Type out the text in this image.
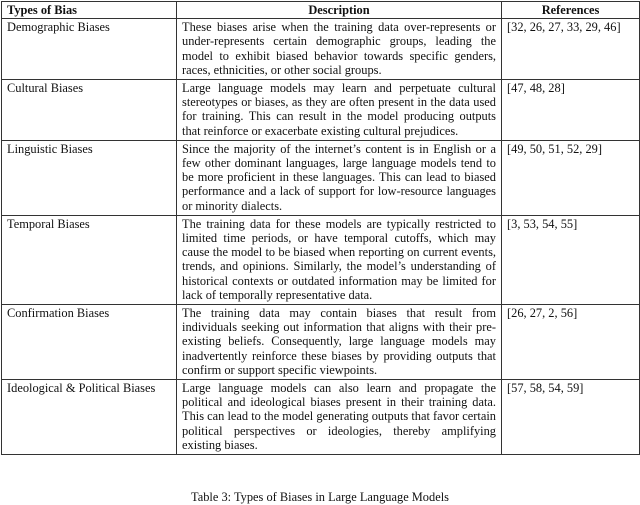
Types of Bias	Description	References
Demographic Biases	These biases arise when the training data over-represents or under-represents certain demographic groups, leading the model to exhibit biased behavior towards specific genders, races, ethnicities, or other social groups.	[32, 26, 27, 33, 29, 46]
Cultural Biases	Large language models may learn and perpetuate cultural stereotypes or biases, as they are often present in the data used for training. This can result in the model producing outputs that reinforce or exacerbate existing cultural prejudices.	[47, 48, 28]
Linguistic Biases	Since the majority of the internet’s content is in English or a few other dominant languages, large language models tend to be more proficient in these languages. This can lead to biased performance and a lack of support for low-resource languages or minority dialects.	[49, 50, 51, 52, 29]
Temporal Biases	The training data for these models are typically restricted to limited time periods, or have temporal cutoffs, which may cause the model to be biased when reporting on current events, trends, and opinions. Similarly, the model’s understanding of historical contexts or outdated information may be limited for lack of temporally representative data.	[3, 53, 54, 55]
Confirmation Biases	The training data may contain biases that result from individuals seeking out information that aligns with their pre-existing beliefs. Consequently, large language models may inadvertently reinforce these biases by providing outputs that confirm or support specific viewpoints.	[26, 27, 2, 56]
Ideological & Political Biases	Large language models can also learn and propagate the political and ideological biases present in their training data. This can lead to the model generating outputs that favor certain political perspectives or ideologies, thereby amplifying existing biases.	[57, 58, 54, 59]
Table 3: Types of Biases in Large Language Models
